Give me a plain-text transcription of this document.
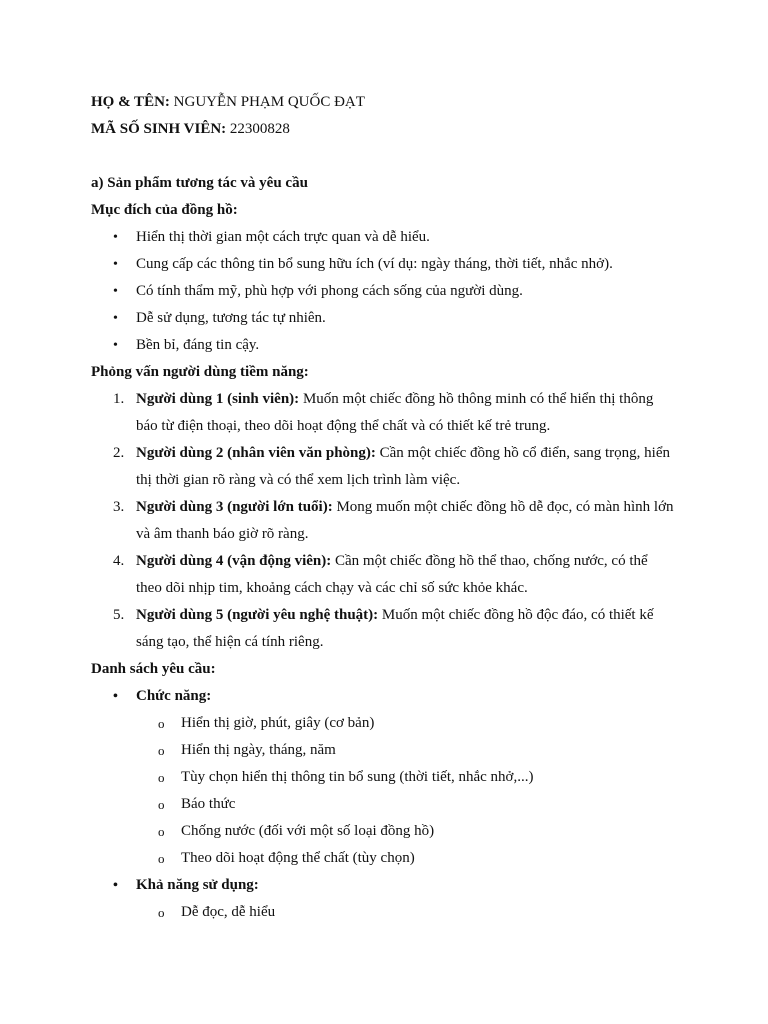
HỌ & TÊN: NGUYỄN PHẠM QUỐC ĐẠT
MÃ SỐ SINH VIÊN: 22300828
a) Sản phẩm tương tác và yêu cầu
Mục đích của đồng hồ:
• Hiển thị thời gian một cách trực quan và dễ hiểu.
• Cung cấp các thông tin bổ sung hữu ích (ví dụ: ngày tháng, thời tiết, nhắc nhở).
• Có tính thẩm mỹ, phù hợp với phong cách sống của người dùng.
• Dễ sử dụng, tương tác tự nhiên.
• Bền bỉ, đáng tin cậy.
Phỏng vấn người dùng tiềm năng:
1. Người dùng 1 (sinh viên): Muốn một chiếc đồng hồ thông minh có thể hiển thị thông
báo từ điện thoại, theo dõi hoạt động thể chất và có thiết kế trẻ trung.
2. Người dùng 2 (nhân viên văn phòng): Cần một chiếc đồng hồ cổ điển, sang trọng, hiển
thị thời gian rõ ràng và có thể xem lịch trình làm việc.
3. Người dùng 3 (người lớn tuổi): Mong muốn một chiếc đồng hồ dễ đọc, có màn hình lớn
và âm thanh báo giờ rõ ràng.
4. Người dùng 4 (vận động viên): Cần một chiếc đồng hồ thể thao, chống nước, có thể
theo dõi nhịp tim, khoảng cách chạy và các chỉ số sức khỏe khác.
5. Người dùng 5 (người yêu nghệ thuật): Muốn một chiếc đồng hồ độc đáo, có thiết kế
sáng tạo, thể hiện cá tính riêng.
Danh sách yêu cầu:
• Chức năng:
o Hiển thị giờ, phút, giây (cơ bản)
o Hiển thị ngày, tháng, năm
o Tùy chọn hiển thị thông tin bổ sung (thời tiết, nhắc nhở,...)
o Báo thức
o Chống nước (đối với một số loại đồng hồ)
o Theo dõi hoạt động thể chất (tùy chọn)
• Khả năng sử dụng:
o Dễ đọc, dễ hiểu
